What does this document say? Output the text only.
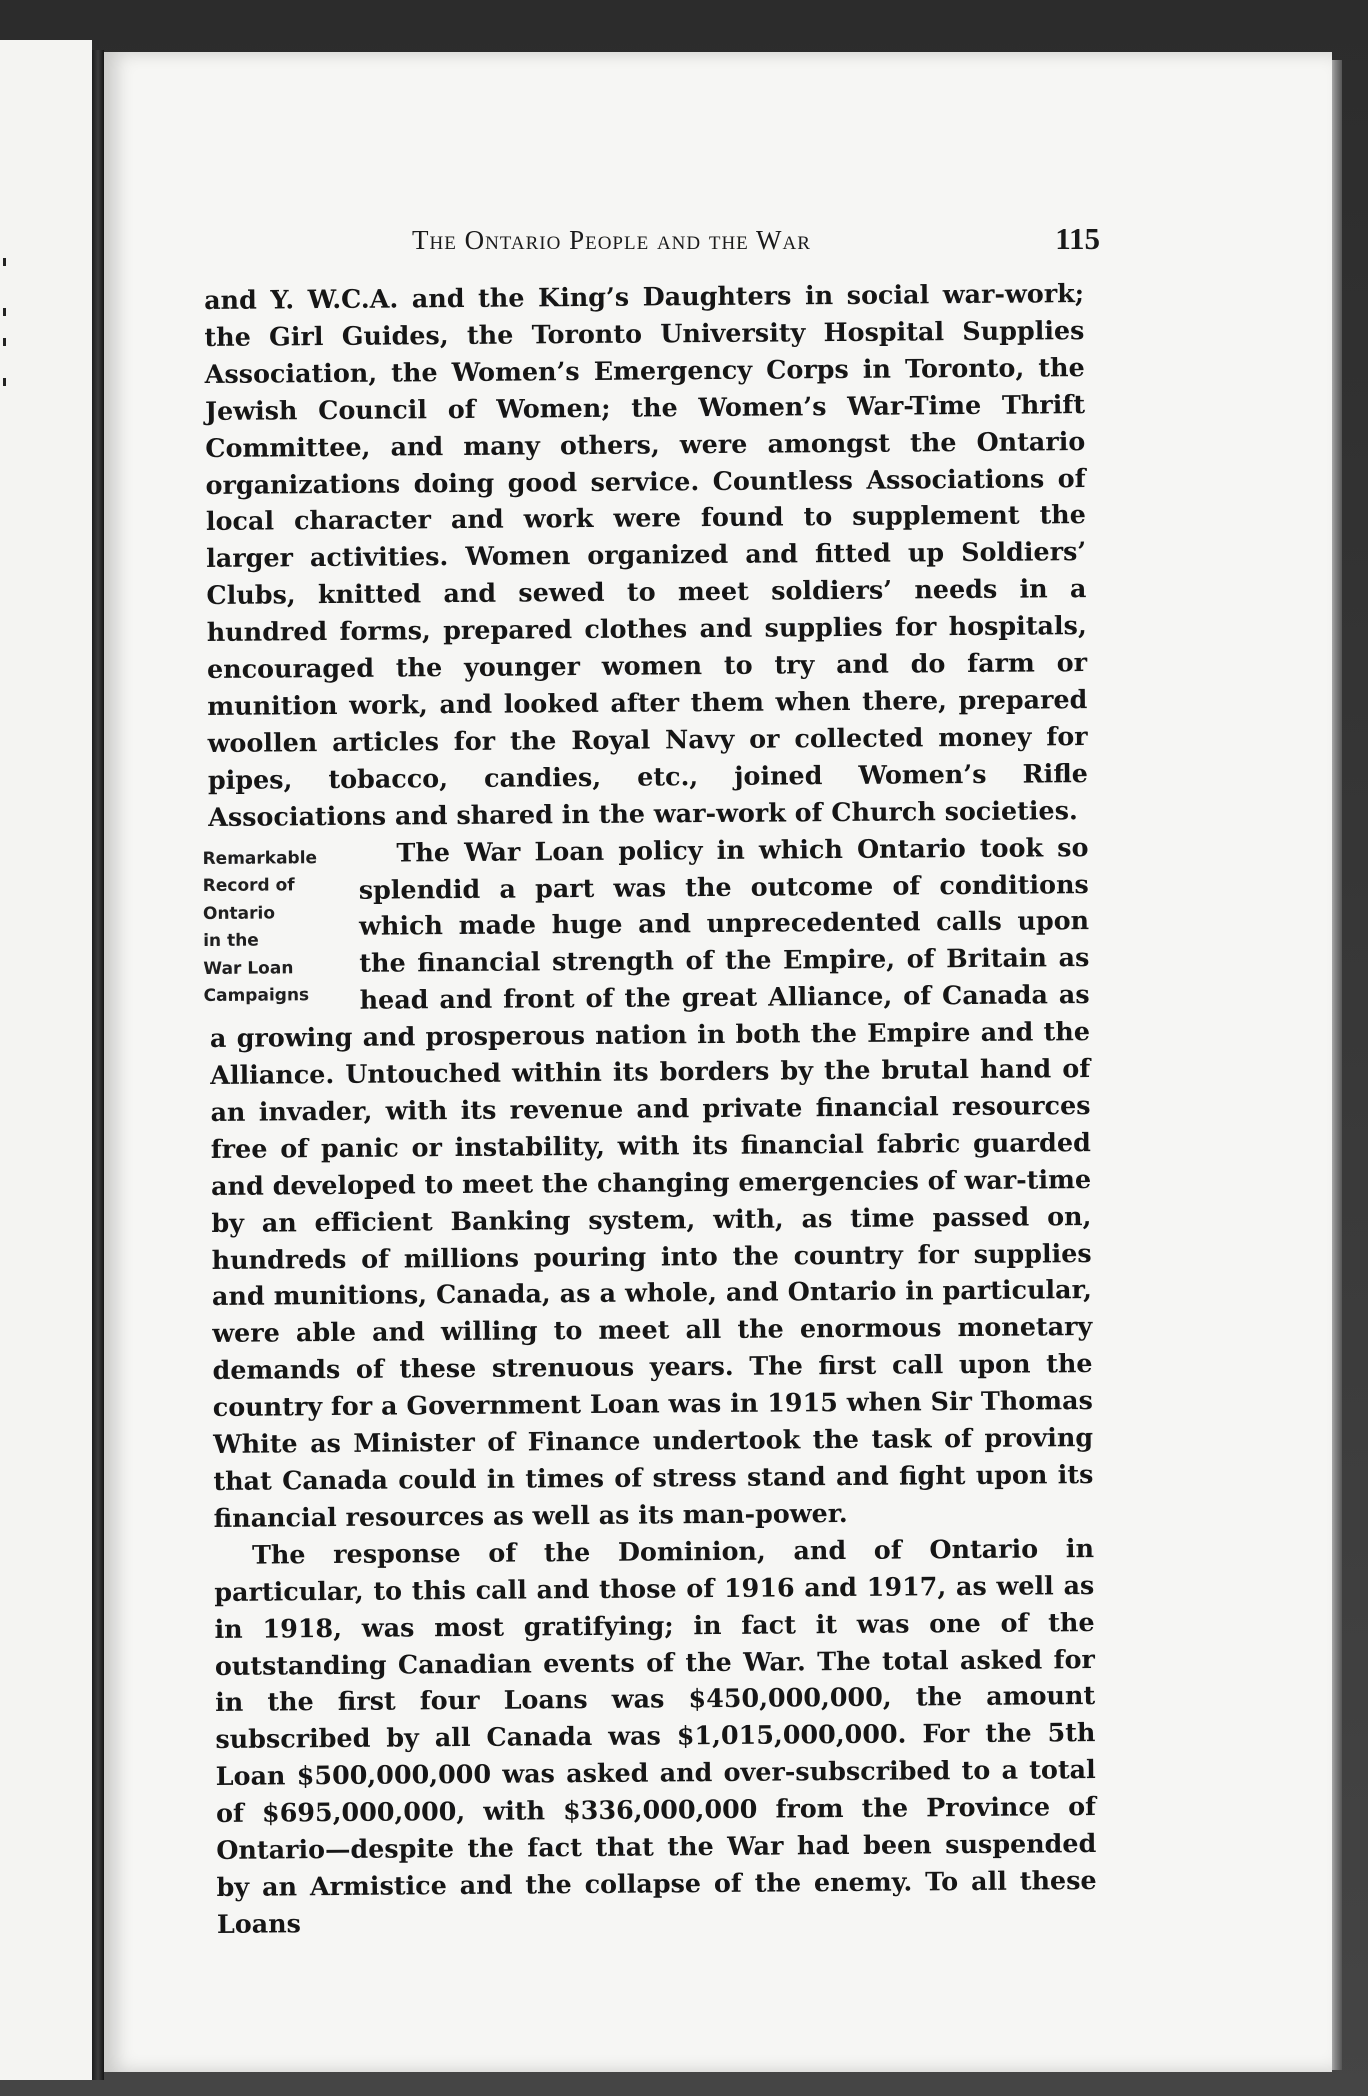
The Ontario People and the War	115

and Y. W.C.A. and the King’s Daughters in social war-work; the Girl Guides, the Toronto University Hospital Supplies Association, the Women’s Emergency Corps in Toronto, the Jewish Council of Women; the Women’s War-Time Thrift Committee, and many others, were amongst the Ontario organizations doing good service. Countless Associations of local character and work were found to supplement the larger activities. Women organized and fitted up Soldiers’ Clubs, knitted and sewed to meet soldiers’ needs in a hundred forms, prepared clothes and supplies for hospitals, encouraged the younger women to try and do farm or munition work, and looked after them when there, prepared woollen articles for the Royal Navy or collected money for pipes, tobacco, candies, etc., joined Women’s Rifle Associations and shared in the war-work of Church societies.

Remarkable
Record of
Ontario
in the
War Loan
Campaigns

The War Loan policy in which Ontario took so splendid a part was the outcome of conditions which made huge and unprecedented calls upon the financial strength of the Empire, of Britain as head and front of the great Alliance, of Canada as a growing and prosperous nation in both the Empire and the Alliance. Untouched within its borders by the brutal hand of an invader, with its revenue and private financial resources free of panic or instability, with its financial fabric guarded and developed to meet the changing emergencies of war-time by an efficient Banking system, with, as time passed on, hundreds of millions pouring into the country for supplies and munitions, Canada, as a whole, and Ontario in particular, were able and willing to meet all the enormous monetary demands of these strenuous years. The first call upon the country for a Government Loan was in 1915 when Sir Thomas White as Minister of Finance undertook the task of proving that Canada could in times of stress stand and fight upon its financial resources as well as its man-power.

The response of the Dominion, and of Ontario in particular, to this call and those of 1916 and 1917, as well as in 1918, was most gratifying; in fact it was one of the outstanding Canadian events of the War. The total asked for in the first four Loans was $450,000,000, the amount subscribed by all Canada was $1,015,000,000. For the 5th Loan $500,000,000 was asked and over-subscribed to a total of $695,000,000, with $336,000,000 from the Province of Ontario—despite the fact that the War had been suspended by an Armistice and the collapse of the enemy. To all these Loans
